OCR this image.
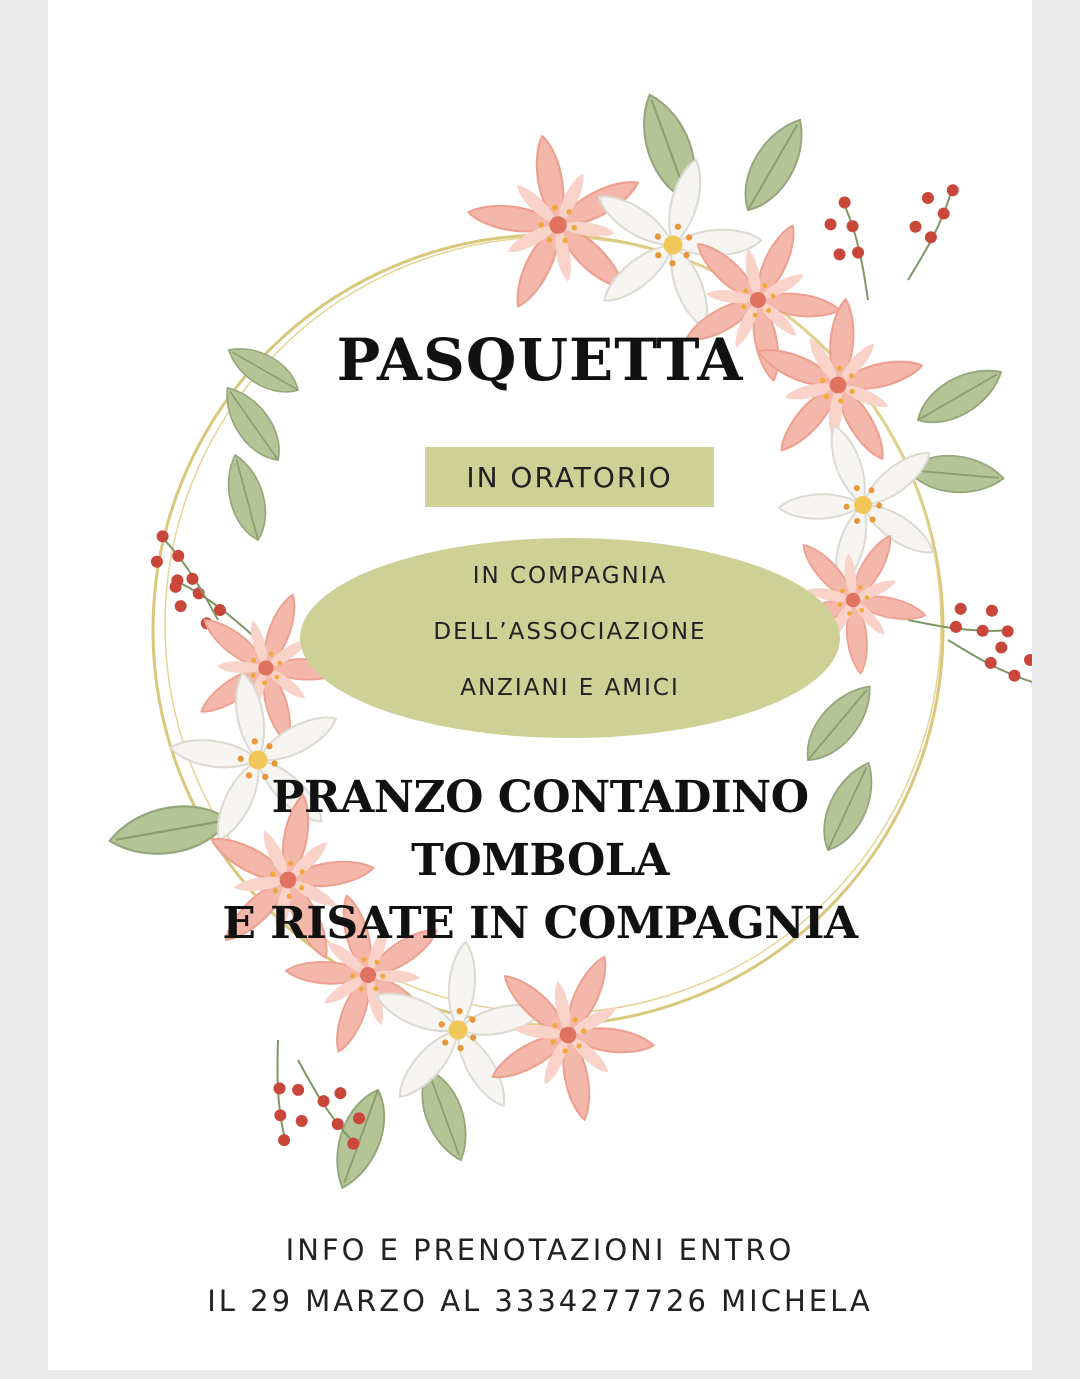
PASQUETTA
IN ORATORIO
IN COMPAGNIA
DELL’ASSOCIAZIONE
ANZIANI E AMICI
PRANZO CONTADINO
TOMBOLA
E RISATE IN COMPAGNIA
INFO E PRENOTAZIONI ENTRO
IL 29 MARZO AL 3334277726 MICHELA
